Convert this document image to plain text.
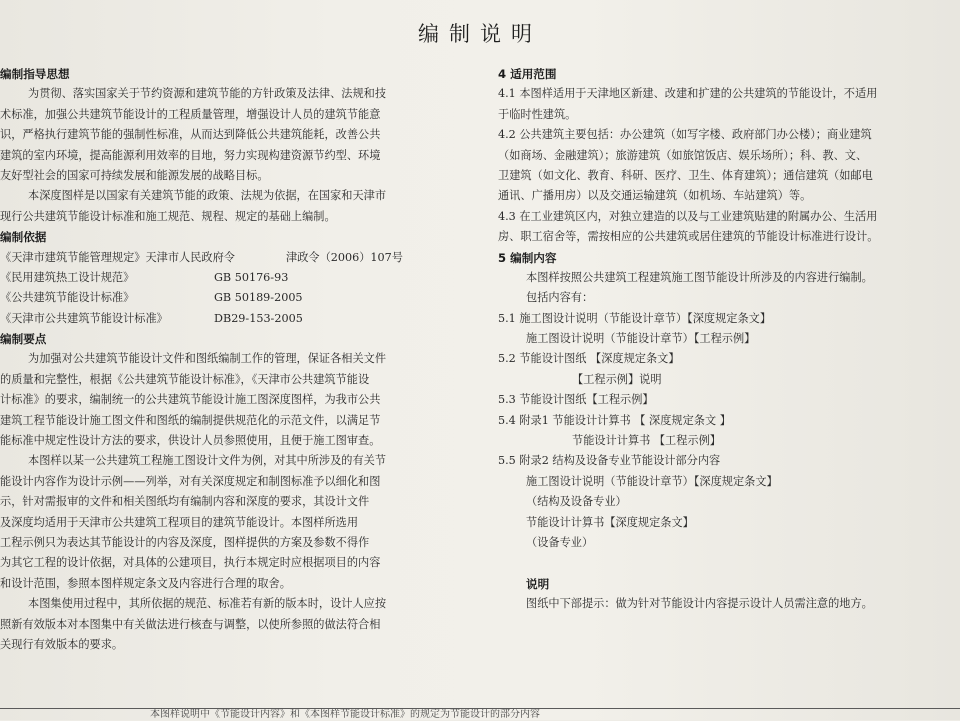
编制说明
编制指导思想
为贯彻、落实国家关于节约资源和建筑节能的方针政策及法律、法规和技
术标准，加强公共建筑节能设计的工程质量管理，增强设计人员的建筑节能意
识，严格执行建筑节能的强制性标准，从而达到降低公共建筑能耗，改善公共
建筑的室内环境，提高能源利用效率的目地，努力实现构建资源节约型、环境
友好型社会的国家可持续发展和能源发展的战略目标。
本深度图样是以国家有关建筑节能的政策、法规为依据，在国家和天津市
现行公共建筑节能设计标准和施工规范、规程、规定的基础上编制。
编制依据
《天津市建筑节能管理规定》天津市人民政府令	津政令（2006）107号
《民用建筑热工设计规范》	GB 50176-93
《公共建筑节能设计标准》	GB 50189-2005
《天津市公共建筑节能设计标准》	DB29-153-2005
编制要点
为加强对公共建筑节能设计文件和图纸编制工作的管理，保证各相关文件
的质量和完整性，根据《公共建筑节能设计标准》，《天津市公共建筑节能设
计标准》的要求，编制统一的公共建筑节能设计施工图深度图样，为我市公共
建筑工程节能设计施工图文件和图纸的编制提供规范化的示范文件，以满足节
能标准中规定性设计方法的要求，供设计人员参照使用，且便于施工图审查。
本图样以某一公共建筑工程施工图设计文件为例，对其中所涉及的有关节
能设计内容作为设计示例——列举，对有关深度规定和制图标准予以细化和图
示，针对需报审的文件和相关图纸均有编制内容和深度的要求，其设计文件
及深度均适用于天津市公共建筑工程项目的建筑节能设计。本图样所选用
工程示例只为表达其节能设计的内容及深度，图样提供的方案及参数不得作
为其它工程的设计依据，对具体的公建项目，执行本规定时应根据项目的内容
和设计范围，参照本图样规定条文及内容进行合理的取舍。
本图集使用过程中，其所依据的规范、标准若有新的版本时，设计人应按
照新有效版本对本图集中有关做法进行核查与调整，以使所参照的做法符合相
关现行有效版本的要求。
4 适用范围
4.1 本图样适用于天津地区新建、改建和扩建的公共建筑的节能设计，不适用
于临时性建筑。
4.2 公共建筑主要包括：办公建筑（如写字楼、政府部门办公楼）；商业建筑
（如商场、金融建筑）；旅游建筑（如旅馆饭店、娱乐场所）；科、教、文、
卫建筑（如文化、教育、科研、医疗、卫生、体育建筑）；通信建筑（如邮电
通讯、广播用房）以及交通运输建筑（如机场、车站建筑）等。
4.3 在工业建筑区内，对独立建造的以及与工业建筑贴建的附属办公、生活用
房、职工宿舍等，需按相应的公共建筑或居住建筑的节能设计标准进行设计。
5 编制内容
本图样按照公共建筑工程建筑施工图节能设计所涉及的内容进行编制。
包括内容有：
5.1 施工图设计说明（节能设计章节）【深度规定条文】
施工图设计说明（节能设计章节）【工程示例】
5.2 节能设计图纸 【深度规定条文】
【工程示例】说明
5.3 节能设计图纸【工程示例】
5.4 附录1 节能设计计算书 【 深度规定条文 】
节能设计计算书 【工程示例】
5.5 附录2 结构及设备专业节能设计部分内容
施工图设计说明（节能设计章节）【深度规定条文】
（结构及设备专业）
节能设计计算书【深度规定条文】
（设备专业）
说明
图纸中下部提示：做为针对节能设计内容提示设计人员需注意的地方。
本图样说明中《节能设计内容》和《本图样节能设计标准》的规定为节能设计的部分内容
